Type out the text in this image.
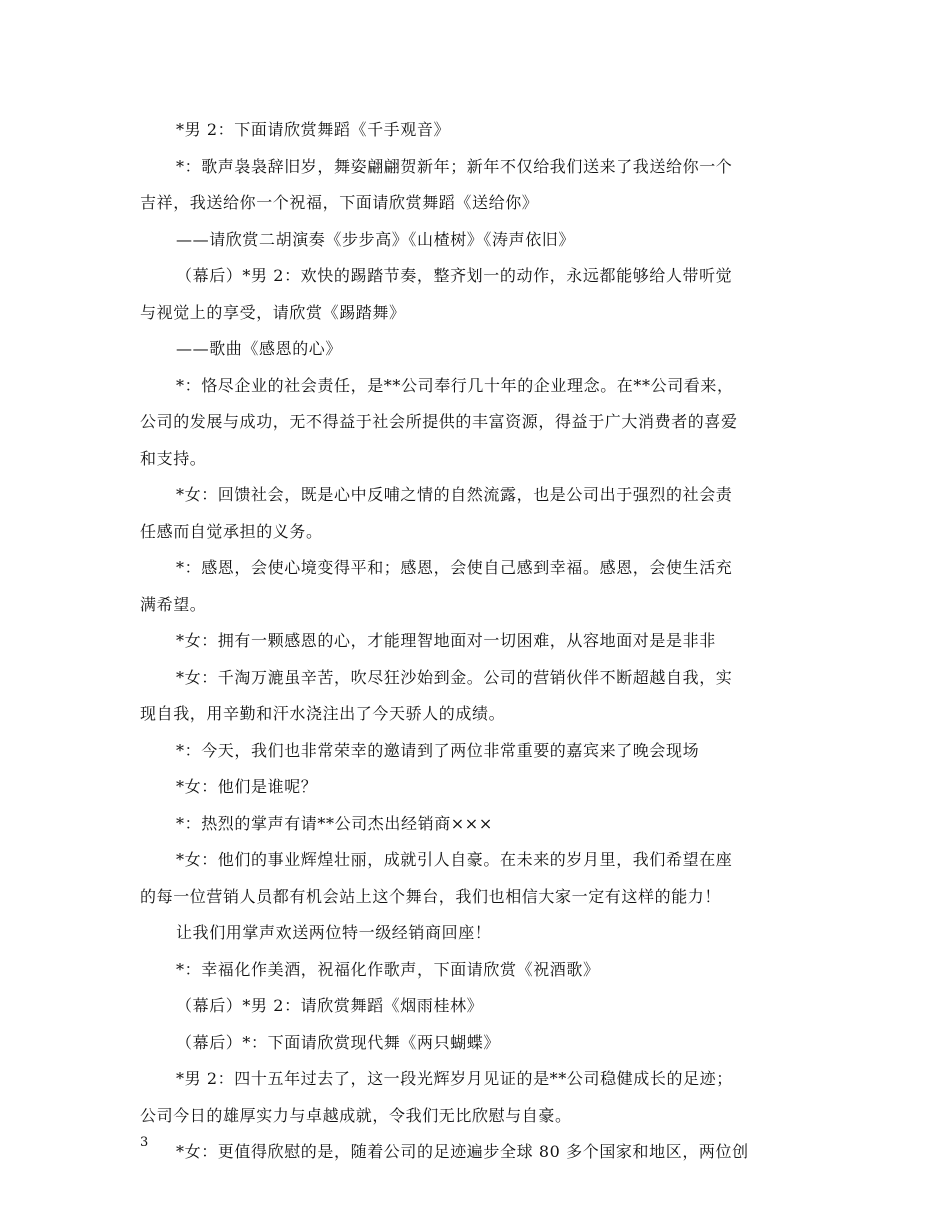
*男 2：下面请欣赏舞蹈《千手观音》
*：歌声袅袅辞旧岁，舞姿翩翩贺新年；新年不仅给我们送来了我送给你一个
吉祥，我送给你一个祝福，下面请欣赏舞蹈《送给你》
——请欣赏二胡演奏《步步高》《山楂树》《涛声依旧》
（幕后）*男 2：欢快的踢踏节奏，整齐划一的动作，永远都能够给人带听觉
与视觉上的享受，请欣赏《踢踏舞》
——歌曲《感恩的心》
*：恪尽企业的社会责任，是**公司奉行几十年的企业理念。在**公司看来，
公司的发展与成功，无不得益于社会所提供的丰富资源，得益于广大消费者的喜爱
和支持。
*女：回馈社会，既是心中反哺之情的自然流露，也是公司出于强烈的社会责
任感而自觉承担的义务。
*：感恩，会使心境变得平和；感恩，会使自己感到幸福。感恩，会使生活充
满希望。
*女：拥有一颗感恩的心，才能理智地面对一切困难，从容地面对是是非非
*女：千淘万漉虽辛苦，吹尽狂沙始到金。公司的营销伙伴不断超越自我，实
现自我，用辛勤和汗水浇注出了今天骄人的成绩。
*：今天，我们也非常荣幸的邀请到了两位非常重要的嘉宾来了晚会现场
*女：他们是谁呢？
*：热烈的掌声有请**公司杰出经销商×××
*女：他们的事业辉煌壮丽，成就引人自豪。在未来的岁月里，我们希望在座
的每一位营销人员都有机会站上这个舞台，我们也相信大家一定有这样的能力！
让我们用掌声欢送两位特一级经销商回座！
*：幸福化作美酒，祝福化作歌声，下面请欣赏《祝酒歌》
（幕后）*男 2：请欣赏舞蹈《烟雨桂林》
（幕后）*：下面请欣赏现代舞《两只蝴蝶》
*男 2：四十五年过去了，这一段光辉岁月见证的是**公司稳健成长的足迹；
公司今日的雄厚实力与卓越成就，令我们无比欣慰与自豪。
*女：更值得欣慰的是，随着公司的足迹遍步全球 80 多个国家和地区，两位创
3
